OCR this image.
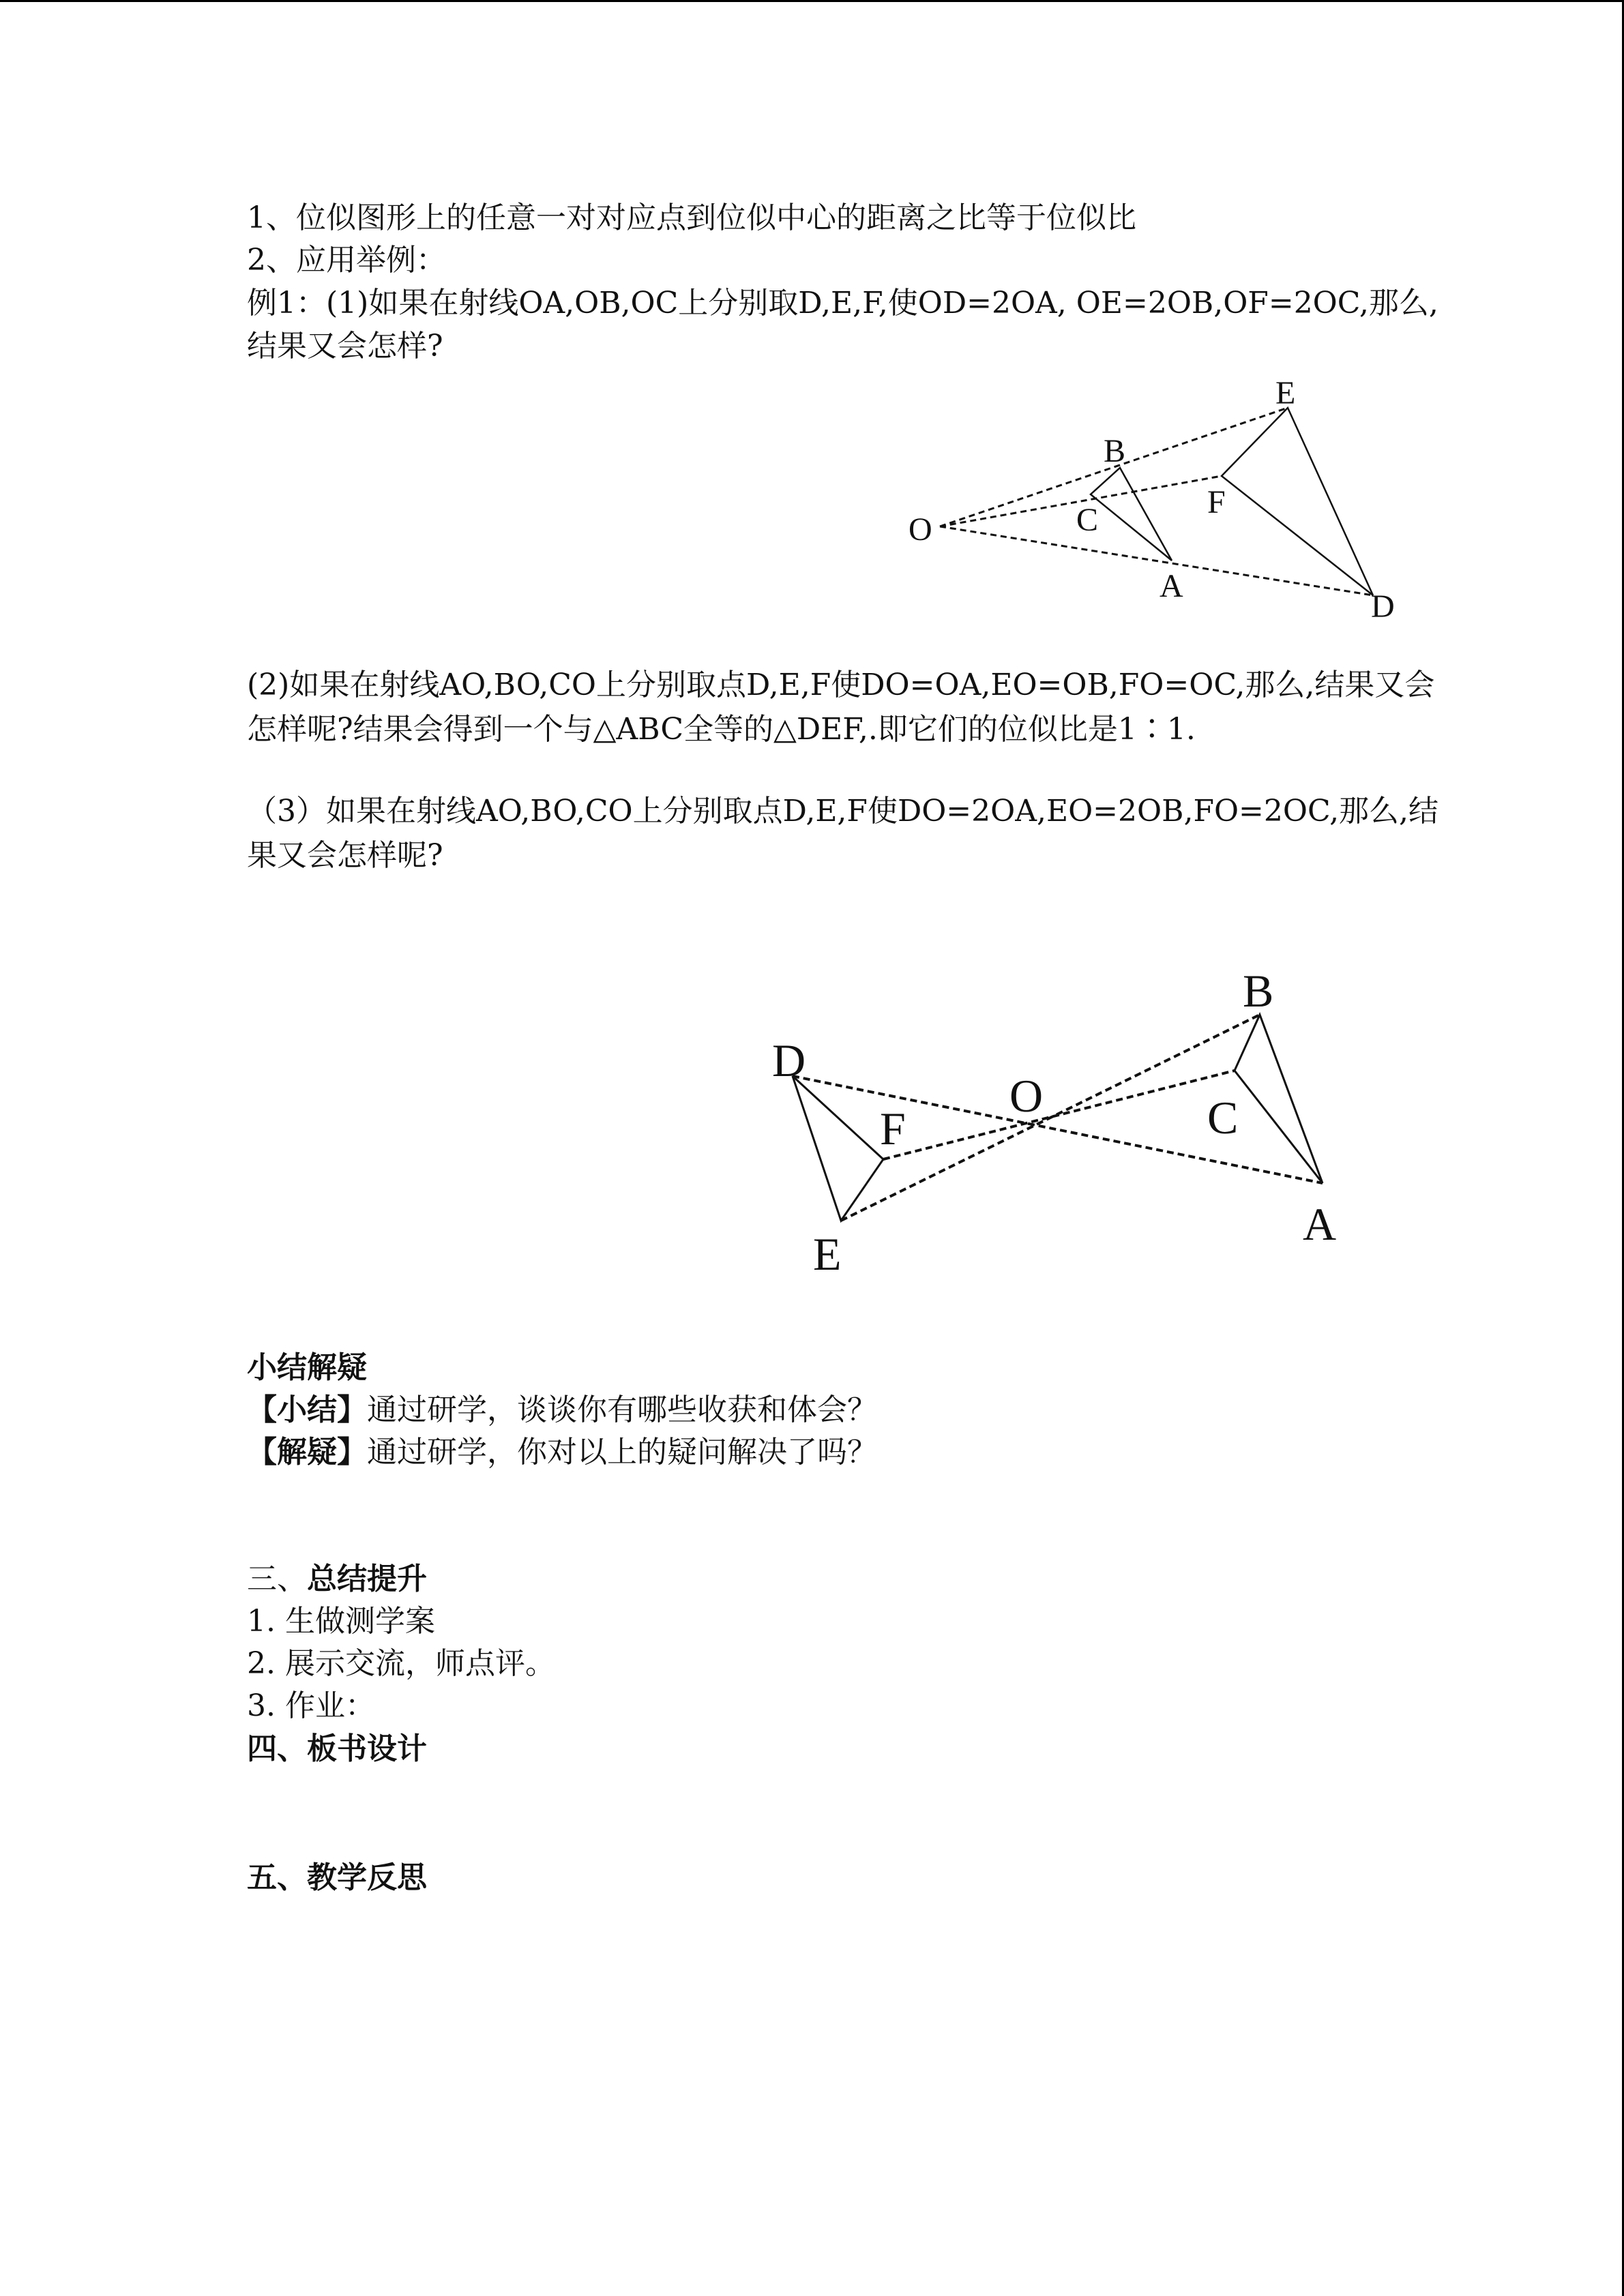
1、位似图形上的任意一对对应点到位似中心的距离之比等于位似比
2、应用举例：
例1：(1)如果在射线OA,OB,OC上分别取D,E,F,使OD=2OA, OE=2OB,OF=2OC,那么,
结果又会怎样?
O
B
C
A
E
F
D
(2)如果在射线AO,BO,CO上分别取点D,E,F使DO=OA,EO=OB,FO=OC,那么,结果又会
怎样呢?结果会得到一个与△ABC全等的△DEF,.即它们的位似比是1∶1.
（3）如果在射线AO,BO,CO上分别取点D,E,F使DO=2OA,EO=2OB,FO=2OC,那么,结
果又会怎样呢?
D
F
E
O
B
C
A
小结解疑
【小结】通过研学，谈谈你有哪些收获和体会？
【解疑】通过研学，你对以上的疑问解决了吗？
三、总结提升
1. 生做测学案
2. 展示交流，师点评。
3. 作业：
四、板书设计
五、教学反思
